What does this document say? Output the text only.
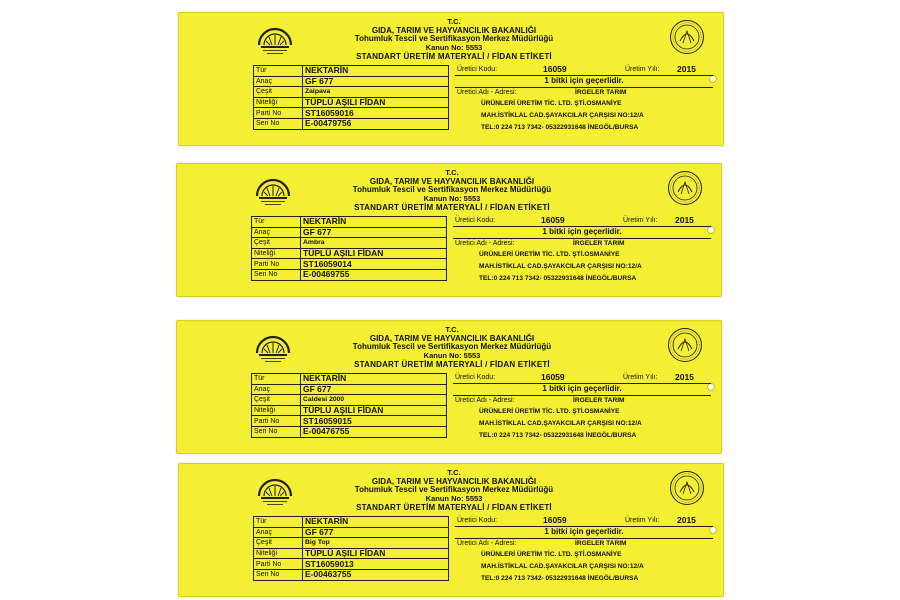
T.C.
GIDA, TARIM VE HAYVANCILIK BAKANLIĞI
Tohumluk Tescil ve Sertifikasyon Merkez Müdürlüğü
Kanun No: 5553
STANDART ÜRETİM MATERYALİ / FİDAN ETİKETİ
Tür	NEKTARİN
Anaç	GF 677
Çeşit	Zaipava
Niteliği	TÜPLÜ AŞILI FİDAN
Parti No	ST16059016
Seri No	E-00479756
Üretici Kodu:	16059	Üretim Yılı: 2015
1 bitki için geçerlidir.
Üretici Adı - Adresi:	İRGELER TARIM
ÜRÜNLERİ ÜRETİM TİC. LTD. ŞTİ.OSMANİYE
MAH.İSTİKLAL CAD.ŞAYAKCILAR ÇARŞISI NO:12/A
TEL:0 224 713 7342- 05322931648 İNEGÖL/BURSA
T.C.
GIDA, TARIM VE HAYVANCILIK BAKANLIĞI
Tohumluk Tescil ve Sertifikasyon Merkez Müdürlüğü
Kanun No: 5553
STANDART ÜRETİM MATERYALİ / FİDAN ETİKETİ
Tür	NEKTARİN
Anaç	GF 677
Çeşit	Ambra
Niteliği	TÜPLÜ AŞILI FİDAN
Parti No	ST16059014
Seri No	E-00469755
Üretici Kodu:	16059	Üretim Yılı: 2015
1 bitki için geçerlidir.
Üretici Adı - Adresi:	İRGELER TARIM
ÜRÜNLERİ ÜRETİM TİC. LTD. ŞTİ.OSMANİYE
MAH.İSTİKLAL CAD.ŞAYAKCILAR ÇARŞISI NO:12/A
TEL:0 224 713 7342- 05322931648 İNEGÖL/BURSA
T.C.
GIDA, TARIM VE HAYVANCILIK BAKANLIĞI
Tohumluk Tescil ve Sertifikasyon Merkez Müdürlüğü
Kanun No: 5553
STANDART ÜRETİM MATERYALİ / FİDAN ETİKETİ
Tür	NEKTARİN
Anaç	GF 677
Çeşit	Caldesi 2000
Niteliği	TÜPLÜ AŞILI FİDAN
Parti No	ST16059015
Seri No	E-00476755
Üretici Kodu:	16059	Üretim Yılı: 2015
1 bitki için geçerlidir.
Üretici Adı - Adresi:	İRGELER TARIM
ÜRÜNLERİ ÜRETİM TİC. LTD. ŞTİ.OSMANİYE
MAH.İSTİKLAL CAD.ŞAYAKCILAR ÇARŞISI NO:12/A
TEL:0 224 713 7342- 05322931648 İNEGÖL/BURSA
T.C.
GIDA, TARIM VE HAYVANCILIK BAKANLIĞI
Tohumluk Tescil ve Sertifikasyon Merkez Müdürlüğü
Kanun No: 5553
STANDART ÜRETİM MATERYALİ / FİDAN ETİKETİ
Tür	NEKTARİN
Anaç	GF 677
Çeşit	Big Top
Niteliği	TÜPLÜ AŞILI FİDAN
Parti No	ST16059013
Seri No	E-00463755
Üretici Kodu:	16059	Üretim Yılı: 2015
1 bitki için geçerlidir.
Üretici Adı - Adresi:	İRGELER TARIM
ÜRÜNLERİ ÜRETİM TİC. LTD. ŞTİ.OSMANİYE
MAH.İSTİKLAL CAD.ŞAYAKCILAR ÇARŞISI NO:12/A
TEL:0 224 713 7342- 05322931648 İNEGÖL/BURSA
